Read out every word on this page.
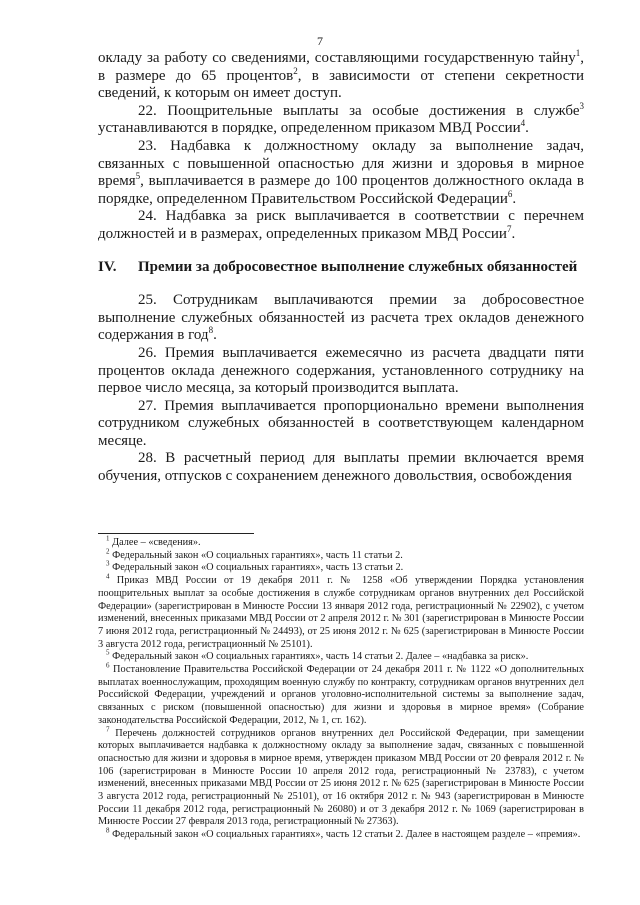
7

окладу за работу со сведениями, составляющими государственную тайну$^1$, в размере до 65 процентов$^2$, в зависимости от степени секретности сведений, к которым он имеет доступ.

22. Поощрительные выплаты за особые достижения в службе$^3$ устанавливаются в порядке, определенном приказом МВД России$^4$.

23. Надбавка к должностному окладу за выполнение задач, связанных с повышенной опасностью для жизни и здоровья в мирное время$^5$, выплачивается в размере до 100 процентов должностного оклада в порядке, определенном Правительством Российской Федерации$^6$.

24. Надбавка за риск выплачивается в соответствии с перечнем должностей и в размерах, определенных приказом МВД России$^7$.

IV.	Премии за добросовестное выполнение служебных обязанностей

25. Сотрудникам выплачиваются премии за добросовестное выполнение служебных обязанностей из расчета трех окладов денежного содержания в год$^8$.

26. Премия выплачивается ежемесячно из расчета двадцати пяти процентов оклада денежного содержания, установленного сотруднику на первое число месяца, за который производится выплата.

27. Премия выплачивается пропорционально времени выполнения сотрудником служебных обязанностей в соответствующем календарном месяце.

28. В расчетный период для выплаты премии включается время обучения, отпусков с сохранением денежного довольствия, освобождения

$^1$ Далее – «сведения».

$^2$ Федеральный закон «О социальных гарантиях», часть 11 статьи 2.

$^3$ Федеральный закон «О социальных гарантиях», часть 13 статьи 2.

$^4$ Приказ МВД России от 19 декабря 2011 г. № 1258 «Об утверждении Порядка установления поощрительных выплат за особые достижения в службе сотрудникам органов внутренних дел Российской Федерации» (зарегистрирован в Минюсте России 13 января 2012 года, регистрационный № 22902), с учетом изменений, внесенных приказами МВД России от 2 апреля 2012 г. № 301 (зарегистрирован в Минюсте России 7 июня 2012 года, регистрационный № 24493), от 25 июня 2012 г. № 625 (зарегистрирован в Минюсте России 3 августа 2012 года, регистрационный № 25101).

$^5$ Федеральный закон «О социальных гарантиях», часть 14 статьи 2. Далее – «надбавка за риск».

$^6$ Постановление Правительства Российской Федерации от 24 декабря 2011 г. № 1122 «О дополнительных выплатах военнослужащим, проходящим военную службу по контракту, сотрудникам органов внутренних дел Российской Федерации, учреждений и органов уголовно-исполнительной системы за выполнение задач, связанных с риском (повышенной опасностью) для жизни и здоровья в мирное время» (Собрание законодательства Российской Федерации, 2012, № 1, ст. 162).

$^7$ Перечень должностей сотрудников органов внутренних дел Российской Федерации, при замещении которых выплачивается надбавка к должностному окладу за выполнение задач, связанных с повышенной опасностью для жизни и здоровья в мирное время, утвержден приказом МВД России от 20 февраля 2012 г. № 106 (зарегистрирован в Минюсте России 10 апреля 2012 года, регистрационный № 23783), с учетом изменений, внесенных приказами МВД России от 25 июня 2012 г. № 625 (зарегистрирован в Минюсте России 3 августа 2012 года, регистрационный № 25101), от 16 октября 2012 г. № 943 (зарегистрирован в Минюсте России 11 декабря 2012 года, регистрационный № 26080) и от 3 декабря 2012 г. № 1069 (зарегистрирован в Минюсте России 27 февраля 2013 года, регистрационный № 27363).

$^8$ Федеральный закон «О социальных гарантиях», часть 12 статьи 2. Далее в настоящем разделе – «премия».
